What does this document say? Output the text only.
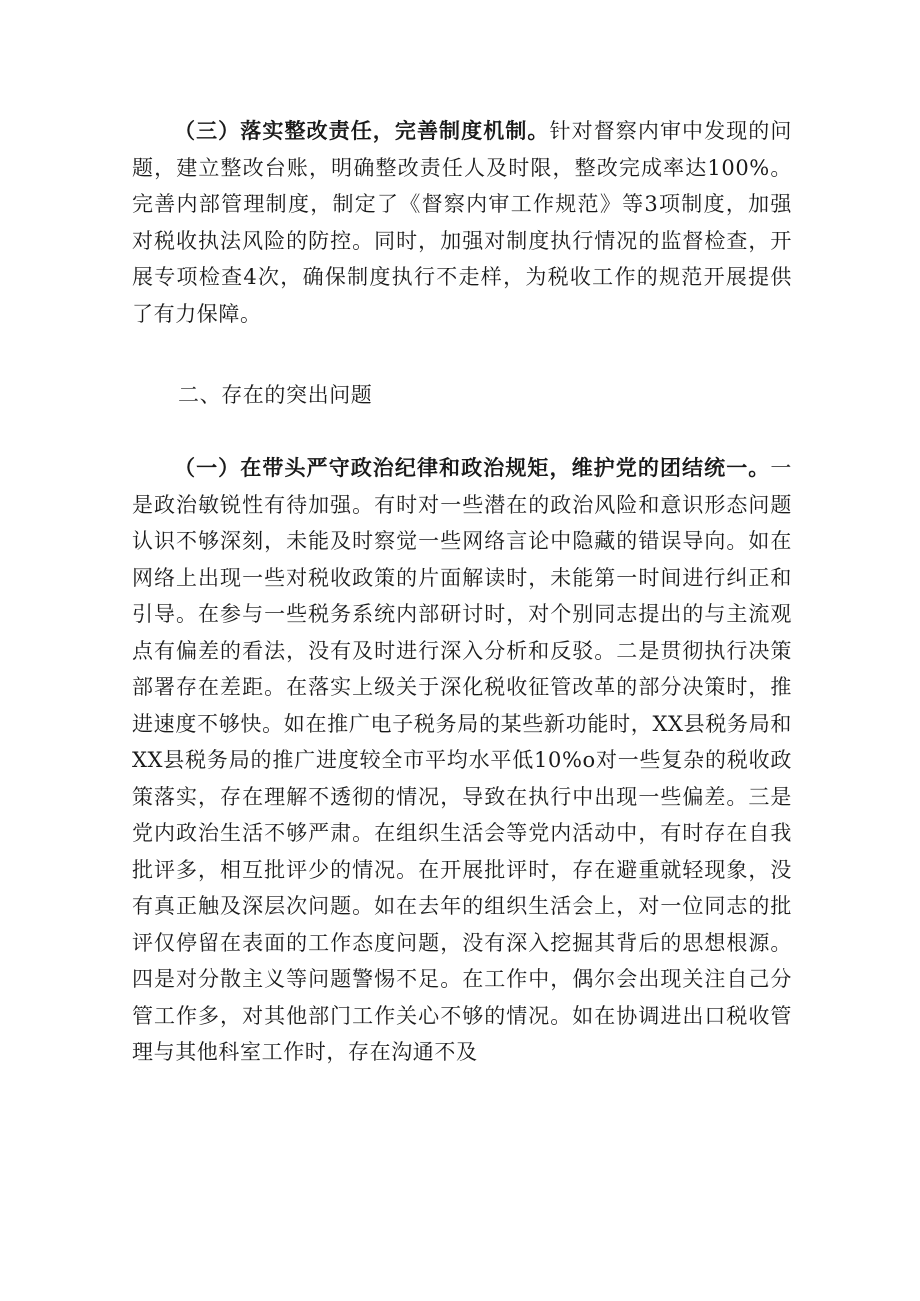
（三）落实整改责任，完善制度机制。针对督察内审中发现的问题，建立整改台账，明确整改责任人及时限，整改完成率达100%。完善内部管理制度，制定了《督察内审工作规范》等3项制度，加强对税收执法风险的防控。同时，加强对制度执行情况的监督检查，开展专项检查4次，确保制度执行不走样，为税收工作的规范开展提供了有力保障。

二、存在的突出问题

（一）在带头严守政治纪律和政治规矩，维护党的团结统一。一是政治敏锐性有待加强。有时对一些潜在的政治风险和意识形态问题认识不够深刻，未能及时察觉一些网络言论中隐藏的错误导向。如在网络上出现一些对税收政策的片面解读时，未能第一时间进行纠正和引导。在参与一些税务系统内部研讨时，对个别同志提出的与主流观点有偏差的看法，没有及时进行深入分析和反驳。二是贯彻执行决策部署存在差距。在落实上级关于深化税收征管改革的部分决策时，推进速度不够快。如在推广电子税务局的某些新功能时，XX县税务局和XX县税务局的推广进度较全市平均水平低10%o对一些复杂的税收政策落实，存在理解不透彻的情况，导致在执行中出现一些偏差。三是党内政治生活不够严肃。在组织生活会等党内活动中，有时存在自我批评多，相互批评少的情况。在开展批评时，存在避重就轻现象，没有真正触及深层次问题。如在去年的组织生活会上，对一位同志的批评仅停留在表面的工作态度问题，没有深入挖掘其背后的思想根源。四是对分散主义等问题警惕不足。在工作中，偶尔会出现关注自己分管工作多，对其他部门工作关心不够的情况。如在协调进出口税收管理与其他科室工作时，存在沟通不及
